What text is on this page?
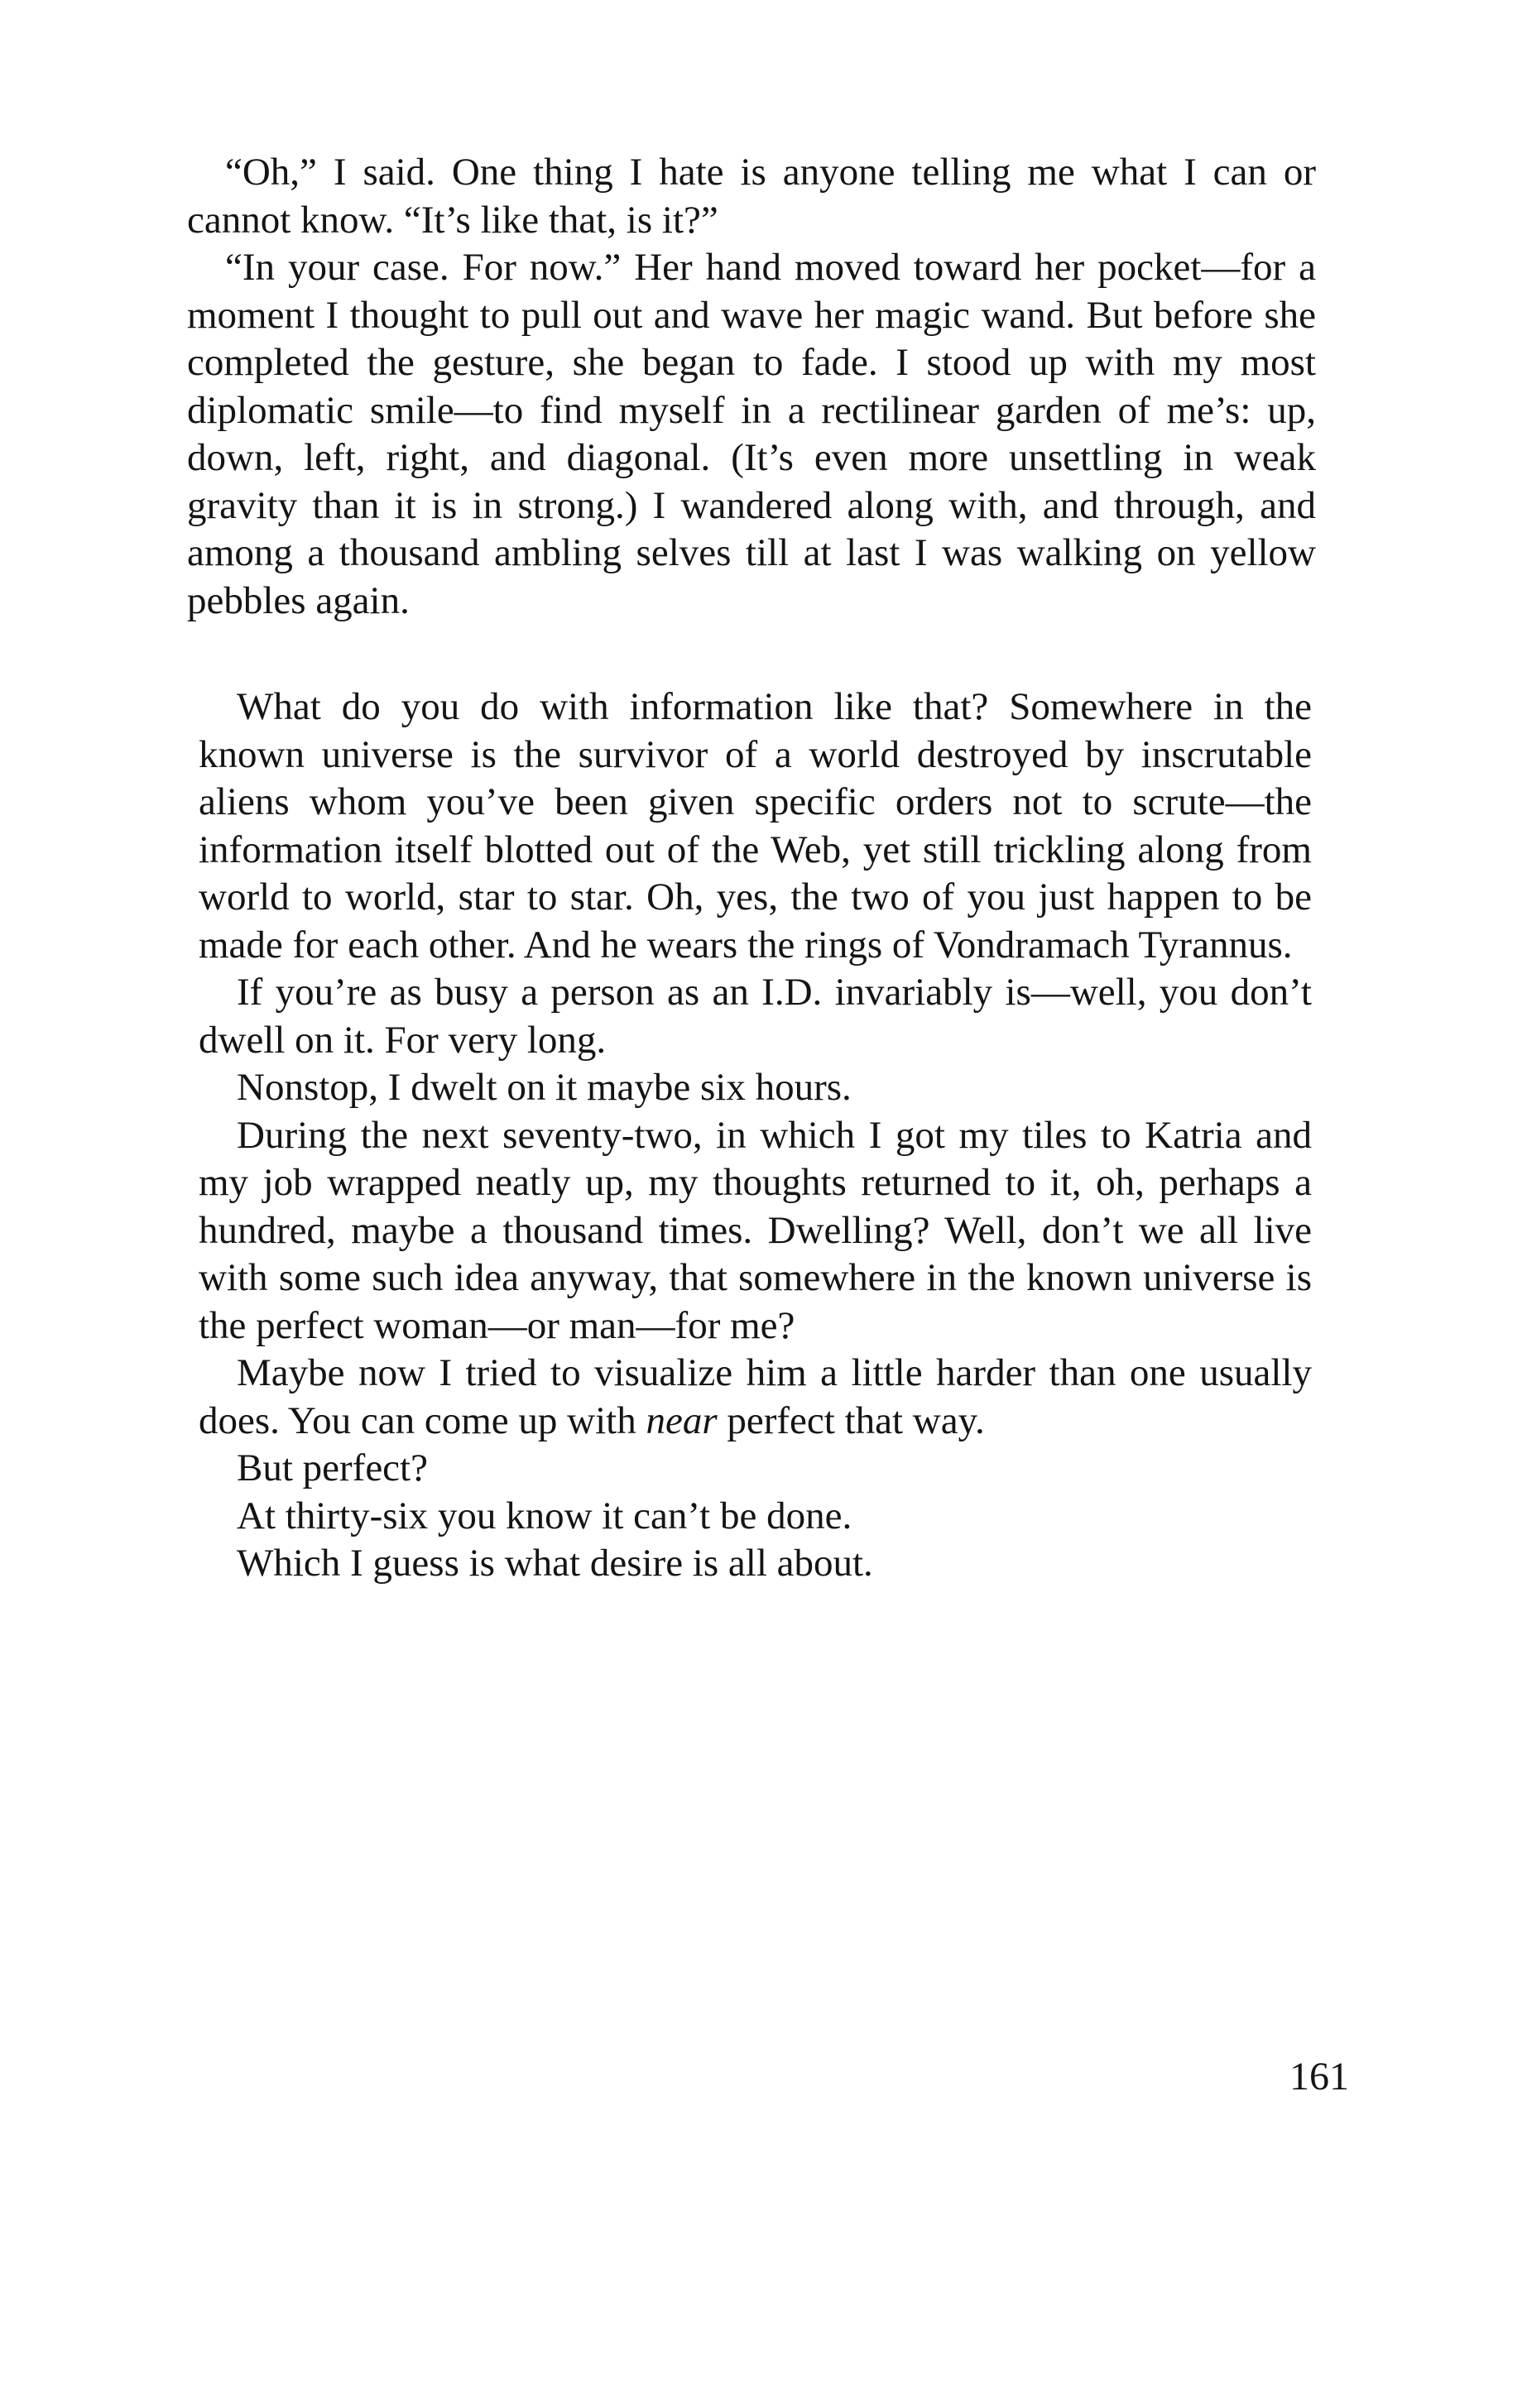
“Oh,” I said. One thing I hate is anyone telling me what I can or cannot know. “It’s like that, is it?”

“In your case. For now.” Her hand moved toward her pocket—for a moment I thought to pull out and wave her magic wand. But before she completed the gesture, she began to fade. I stood up with my most diplomatic smile—to find myself in a rectilinear garden of me’s: up, down, left, right, and diagonal. (It’s even more unsettling in weak gravity than it is in strong.) I wandered along with, and through, and among a thousand ambling selves till at last I was walking on yellow pebbles again.

What do you do with information like that? Somewhere in the known universe is the survivor of a world destroyed by inscrutable aliens whom you’ve been given specific orders not to scrute—the information itself blotted out of the Web, yet still trickling along from world to world, star to star. Oh, yes, the two of you just happen to be made for each other. And he wears the rings of Vondramach Tyrannus.

If you’re as busy a person as an I.D. invariably is—well, you don’t dwell on it. For very long.

Nonstop, I dwelt on it maybe six hours.

During the next seventy-two, in which I got my tiles to Katria and my job wrapped neatly up, my thoughts returned to it, oh, perhaps a hundred, maybe a thousand times. Dwelling? Well, don’t we all live with some such idea anyway, that somewhere in the known universe is the perfect woman—or man—for me?

Maybe now I tried to visualize him a little harder than one usually does. You can come up with near perfect that way.

But perfect?

At thirty-six you know it can’t be done.

Which I guess is what desire is all about.

161
